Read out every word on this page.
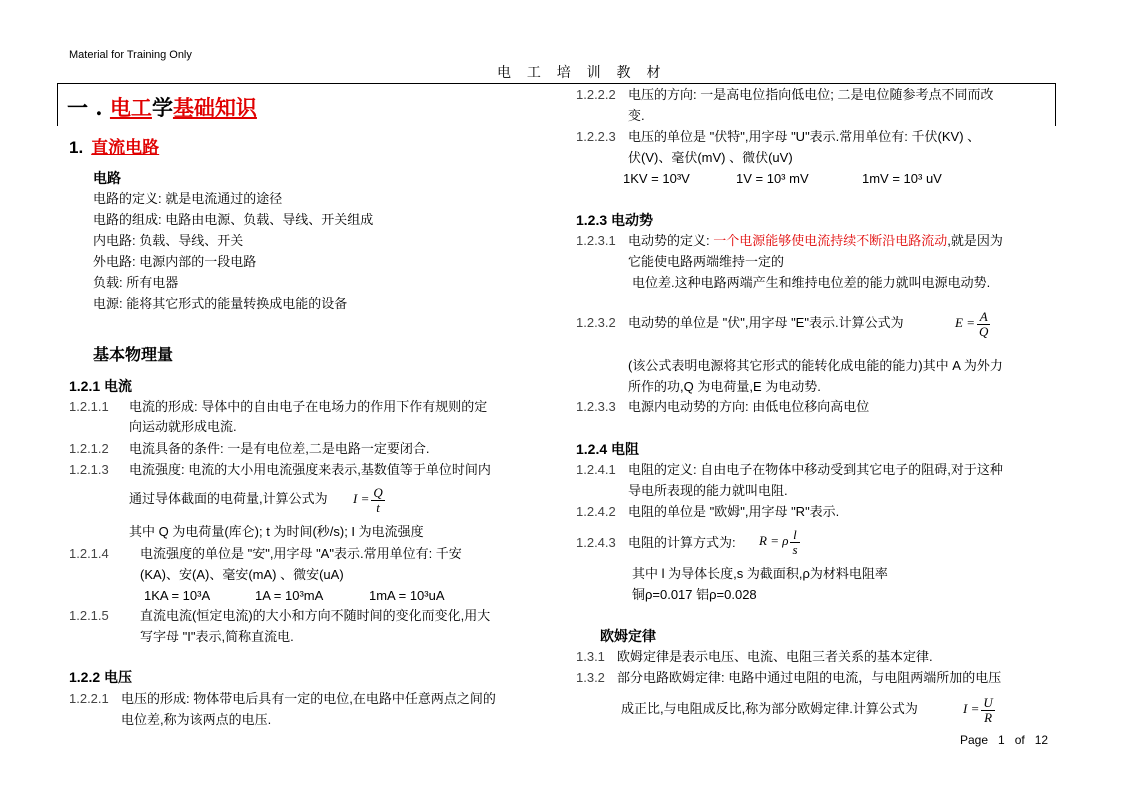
Material for Training Only
电 工 培 训 教 材
一 . 电工学基础知识
1. 直流电路
电路
电路的定义: 就是电流通过的途径
电路的组成: 电路由电源、负载、导线、开关组成
内电路: 负载、导线、开关
外电路: 电源内部的一段电路
负载: 所有电器
电源: 能将其它形式的能量转换成电能的设备
基本物理量
1.2.1 电流
1.2.1.1 电流的形成: 导体中的自由电子在电场力的作用下作有规则的定
向运动就形成电流.
1.2.1.2 电流具备的条件: 一是有电位差,二是电路一定要闭合.
1.2.1.3 电流强度: 电流的大小用电流强度来表示,基数值等于单位时间内
通过导体截面的电荷量,计算公式为 $I = \frac{Q}{t}$
其中 Q 为电荷量(库仑); t 为时间(秒/s); I 为电流强度
1.2.1.4 电流强度的单位是 "安",用字母 "A"表示.常用单位有: 千安
(KA)、安(A)、毫安(mA) 、微安(uA)
1KA = 10³A	1A = 10³mA	1mA = 10³uA
1.2.1.5 直流电流(恒定电流)的大小和方向不随时间的变化而变化,用大
写字母 "I"表示,简称直流电.
1.2.2 电压
1.2.2.1 电压的形成: 物体带电后具有一定的电位,在电路中任意两点之间的
电位差,称为该两点的电压.
1.2.2.2 电压的方向: 一是高电位指向低电位; 二是电位随参考点不同而改
变.
1.2.2.3 电压的单位是 "伏特",用字母 "U"表示.常用单位有: 千伏(KV) 、
伏(V)、毫伏(mV) 、微伏(uV)
1KV = 10³V	1V = 10³ mV	1mV = 10³ uV
1.2.3 电动势
1.2.3.1 电动势的定义: 一个电源能够使电流持续不断沿电路流动,就是因为
它能使电路两端维持一定的
电位差.这种电路两端产生和维持电位差的能力就叫电源电动势.
1.2.3.2 电动势的单位是 "伏",用字母 "E"表示.计算公式为	$E = \frac{A}{Q}$
(该公式表明电源将其它形式的能转化成电能的能力)其中 A 为外力
所作的功,Q 为电荷量,E 为电动势.
1.2.3.3 电源内电动势的方向: 由低电位移向高电位
1.2.4 电阻
1.2.4.1 电阻的定义: 自由电子在物体中移动受到其它电子的阻碍,对于这种
导电所表现的能力就叫电阻.
1.2.4.2 电阻的单位是 "欧姆",用字母 "R"表示.
1.2.4.3 电阻的计算方式为: R = ρ $\frac{l}{s}$
其中 l 为导体长度,s 为截面积,ρ为材料电阻率
铜ρ=0.017 铝ρ=0.028
欧姆定律
1.3.1 欧姆定律是表示电压、电流、电阻三者关系的基本定律.
1.3.2 部分电路欧姆定律: 电路中通过电阻的电流，与电阻两端所加的电压
成正比,与电阻成反比,称为部分欧姆定律.计算公式为	$I = \frac{U}{R}$
Page 1 of 12
